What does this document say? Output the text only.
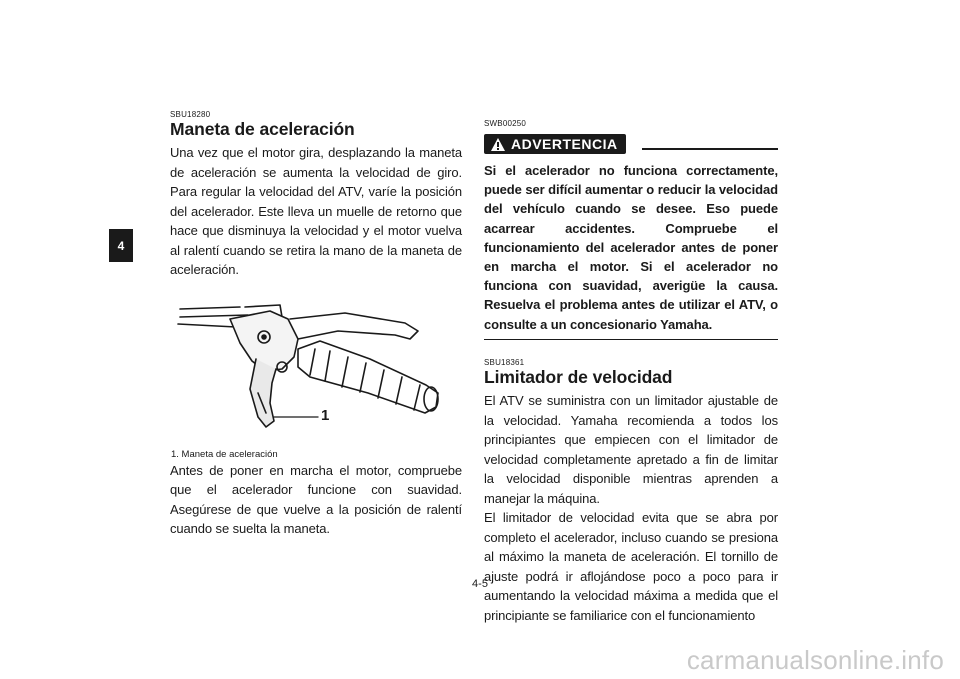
4
SBU18280
Maneta de aceleración

Una vez que el motor gira, desplazando la maneta de aceleración se aumenta la velocidad de giro. Para regular la velocidad del ATV, varíe la posición del acelerador. Este lleva un muelle de retorno que hace que disminuya la velocidad y el motor vuelva al ralentí cuando se retira la mano de la maneta de aceleración.

1
1. Maneta de aceleración

Antes de poner en marcha el motor, compruebe que el acelerador funcione con suavidad. Asegúrese de que vuelve a la posición de ralentí cuando se suelta la maneta.

SWB00250
ADVERTENCIA

Si el acelerador no funciona correctamente, puede ser difícil aumentar o reducir la velocidad del vehículo cuando se desee. Eso puede acarrear accidentes. Compruebe el funcionamiento del acelerador antes de poner en marcha el motor. Si el acelerador no funciona con suavidad, averigüe la causa. Resuelva el problema antes de utilizar el ATV, o consulte a un concesionario Yamaha.

SBU18361
Limitador de velocidad

El ATV se suministra con un limitador ajustable de la velocidad. Yamaha recomienda a todos los principiantes que empiecen con el limitador de velocidad completamente apretado a fin de limitar la velocidad disponible mientras aprenden a manejar la máquina.

El limitador de velocidad evita que se abra por completo el acelerador, incluso cuando se presiona al máximo la maneta de aceleración. El tornillo de ajuste podrá ir aflojándose poco a poco para ir aumentando la velocidad máxima a medida que el principiante se familiarice con el funcionamiento

4-5
carmanualsonline.info
